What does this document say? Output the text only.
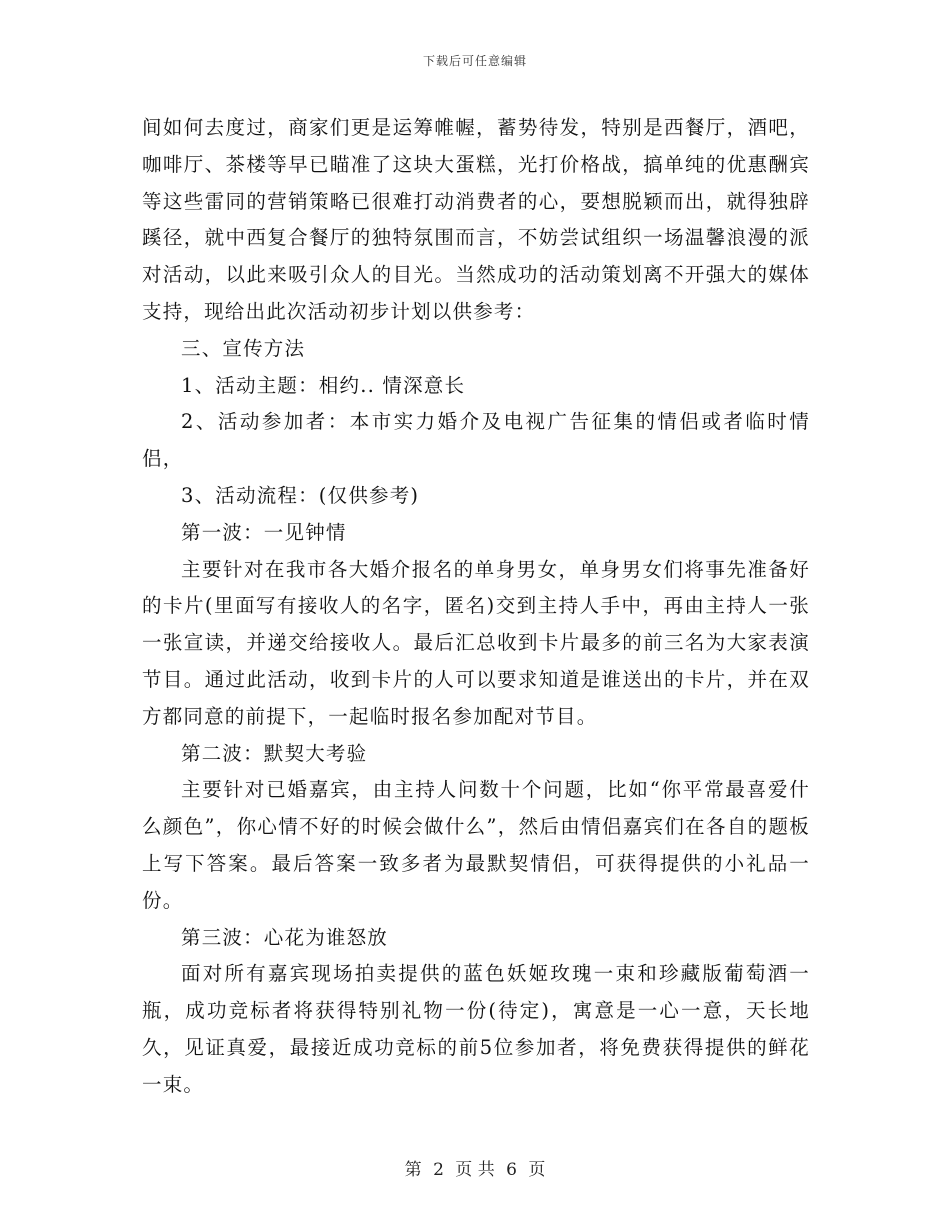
下载后可任意编辑

间如何去度过，商家们更是运筹帷幄，蓄势待发，特别是西餐厅，酒吧，咖啡厅、茶楼等早已瞄准了这块大蛋糕，光打价格战，搞单纯的优惠酬宾等这些雷同的营销策略已很难打动消费者的心，要想脱颖而出，就得独辟蹊径，就中西复合餐厅的独特氛围而言，不妨尝试组织一场温馨浪漫的派对活动，以此来吸引众人的目光。当然成功的活动策划离不开强大的媒体支持，现给出此次活动初步计划以供参考：

三、宣传方法

1、活动主题：相约.. 情深意长

2、活动参加者：本市实力婚介及电视广告征集的情侣或者临时情侣，

3、活动流程：(仅供参考)

第一波：一见钟情

主要针对在我市各大婚介报名的单身男女，单身男女们将事先准备好的卡片(里面写有接收人的名字，匿名)交到主持人手中，再由主持人一张一张宣读，并递交给接收人。最后汇总收到卡片最多的前三名为大家表演节目。通过此活动，收到卡片的人可以要求知道是谁送出的卡片，并在双方都同意的前提下，一起临时报名参加配对节目。

第二波：默契大考验

主要针对已婚嘉宾，由主持人问数十个问题，比如“你平常最喜爱什么颜色”，你心情不好的时候会做什么”，然后由情侣嘉宾们在各自的题板上写下答案。最后答案一致多者为最默契情侣，可获得提供的小礼品一份。

第三波：心花为谁怒放

面对所有嘉宾现场拍卖提供的蓝色妖姬玫瑰一束和珍藏版葡萄酒一瓶，成功竞标者将获得特别礼物一份(待定)，寓意是一心一意，天长地久，见证真爱，最接近成功竞标的前5位参加者，将免费获得提供的鲜花一束。

第 2 页 共 6 页
